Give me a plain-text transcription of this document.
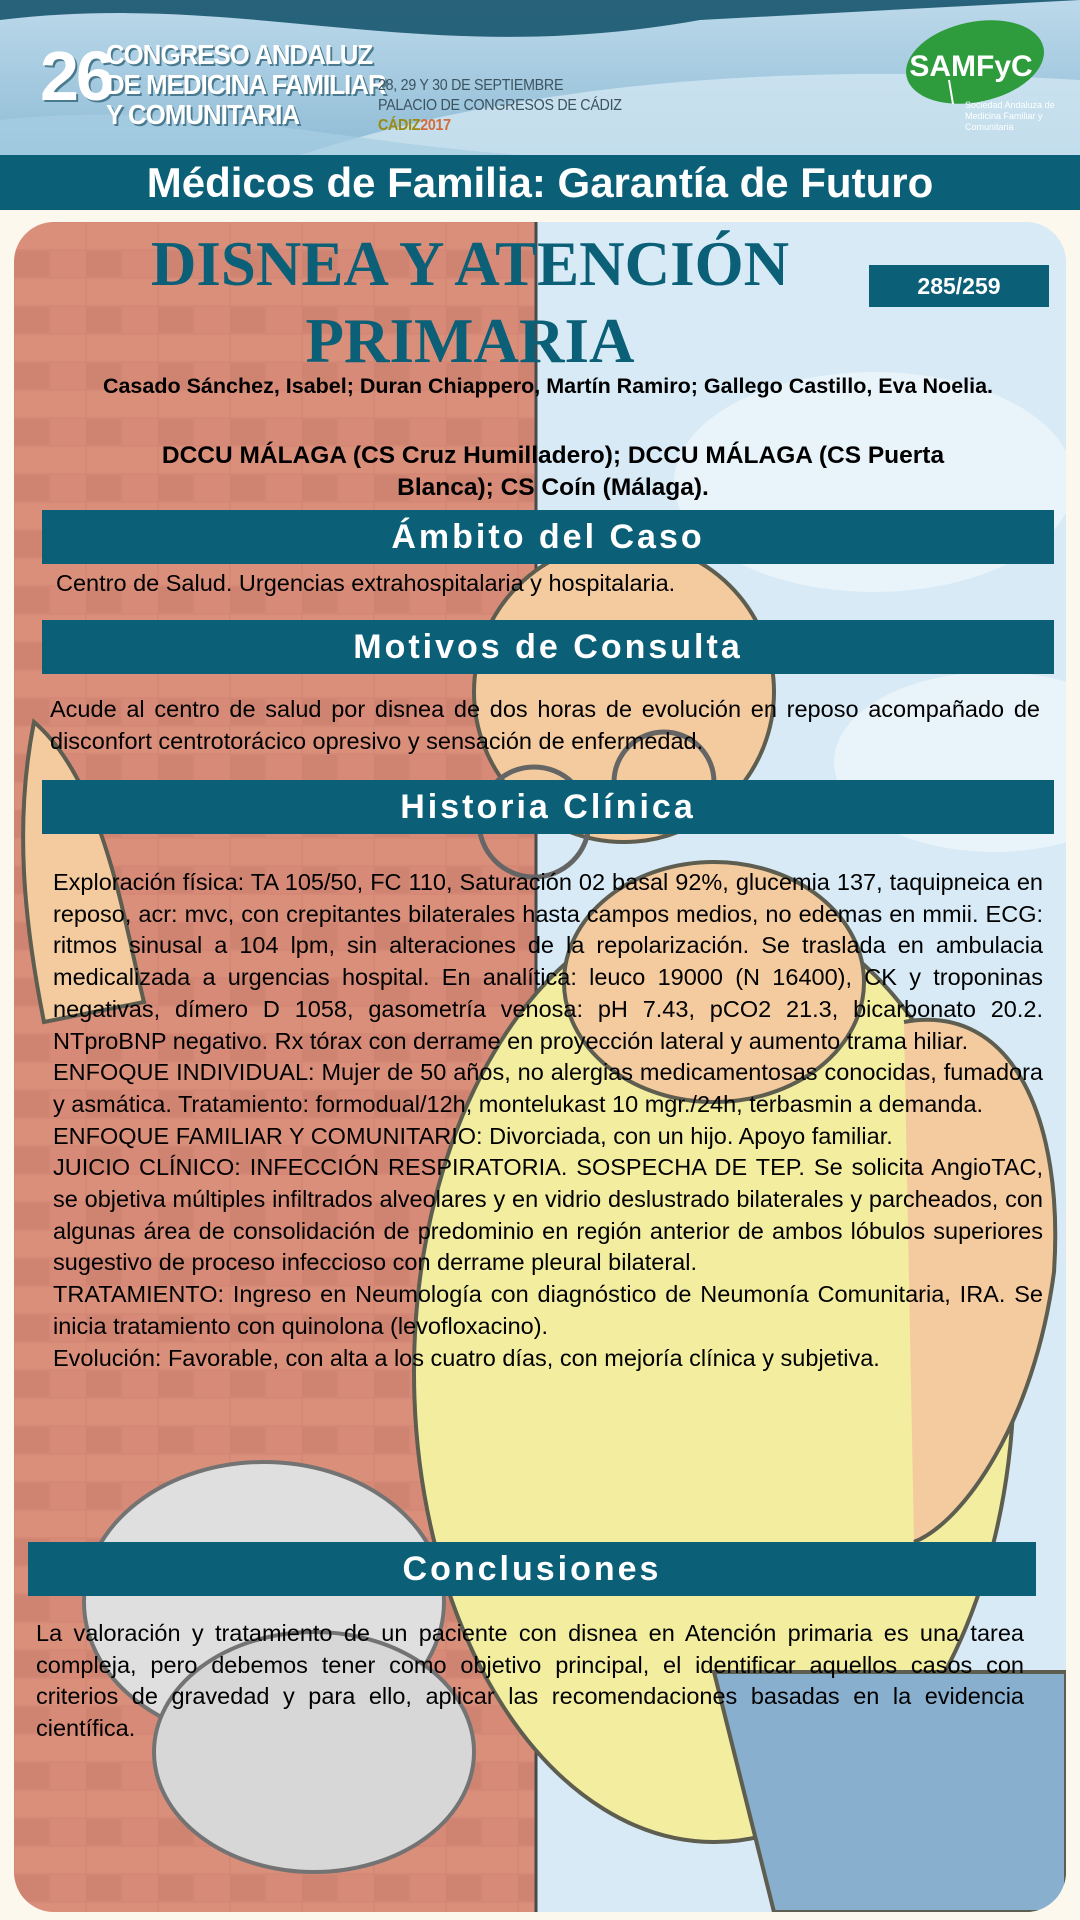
26
CONGRESO ANDALUZ
DE MEDICINA FAMILIAR
Y COMUNITARIA
28, 29 Y 30 DE SEPTIEMBRE
PALACIO DE CONGRESOS DE CÁDIZ
CÁDIZ2017
SAMFyC
Sociedad Andaluza de Medicina Familiar y Comunitaria
Médicos de Familia: Garantía de Futuro
DISNEA Y ATENCIÓN PRIMARIA
285/259
Casado Sánchez, Isabel; Duran Chiappero, Martín Ramiro; Gallego Castillo, Eva Noelia.
DCCU MÁLAGA (CS Cruz Humilladero); DCCU MÁLAGA (CS Puerta Blanca); CS Coín (Málaga).
Ámbito del Caso
Centro de Salud. Urgencias extrahospitalaria y hospitalaria.
Motivos de Consulta
Acude al centro de salud por disnea de dos horas de evolución en reposo acompañado de disconfort centrotorácico opresivo y sensación de enfermedad.
Historia Clínica

Exploración física: TA 105/50, FC 110, Saturación 02 basal 92%, glucemia 137, taquipneica en reposo, acr: mvc, con crepitantes bilaterales hasta campos medios, no edemas en mmii. ECG: ritmos sinusal a 104 lpm, sin alteraciones de la repolarización. Se traslada en ambulacia medicalizada a urgencias hospital. En analítica: leuco 19000 (N 16400), CK y troponinas negativas, dímero D 1058, gasometría venosa: pH 7.43, pCO2 21.3, bicarbonato 20.2. NTproBNP negativo. Rx tórax con derrame en proyección lateral y aumento trama hiliar.

ENFOQUE INDIVIDUAL: Mujer de 50 años, no alergias medicamentosas conocidas, fumadora y asmática. Tratamiento: formodual/12h, montelukast 10 mgr./24h, terbasmin a demanda.

ENFOQUE FAMILIAR Y COMUNITARIO: Divorciada, con un hijo. Apoyo familiar.

JUICIO CLÍNICO: INFECCIÓN RESPIRATORIA. SOSPECHA DE TEP. Se solicita AngioTAC, se objetiva múltiples infiltrados alveolares y en vidrio deslustrado bilaterales y parcheados, con algunas área de consolidación de predominio en región anterior de ambos lóbulos superiores sugestivo de proceso infeccioso con derrame pleural bilateral.

TRATAMIENTO: Ingreso en Neumología con diagnóstico de Neumonía Comunitaria, IRA. Se inicia tratamiento con quinolona (levofloxacino).

Evolución: Favorable, con alta a los cuatro días, con mejoría clínica y subjetiva.

Conclusiones
La valoración y tratamiento de un paciente con disnea en Atención primaria es una tarea compleja, pero debemos tener como objetivo principal, el identificar aquellos casos con criterios de gravedad y para ello, aplicar las recomendaciones basadas en la evidencia científica.
